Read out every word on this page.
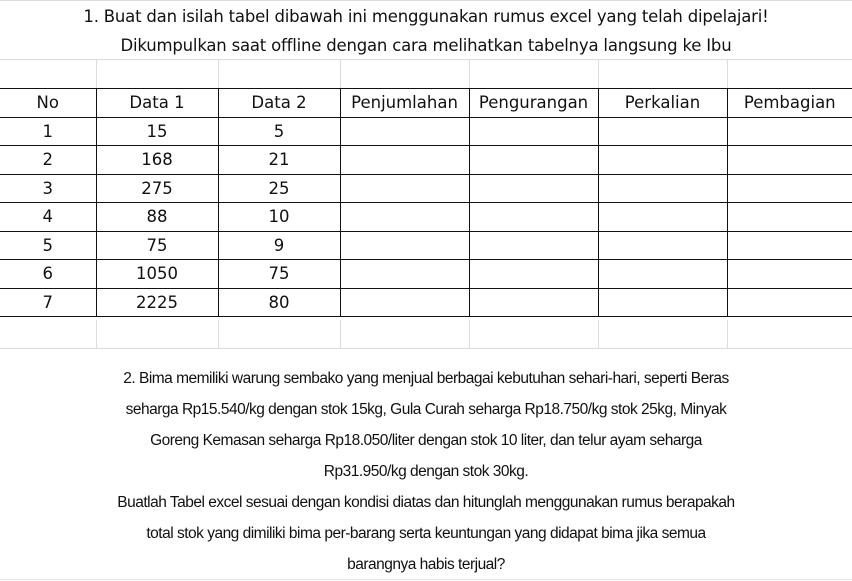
1. Buat dan isilah tabel dibawah ini menggunakan rumus excel yang telah dipelajari!
Dikumpulkan saat offline dengan cara melihatkan tabelnya langsung ke Ibu
No	Data 1	Data 2	Penjumlahan	Pengurangan	Perkalian	Pembagian
1	15	5				
2	168	21				
3	275	25				
4	88	10				
5	75	9				
6	1050	75				
7	2225	80				
2. Bima memiliki warung sembako yang menjual berbagai kebutuhan sehari-hari, seperti Beras
seharga Rp15.540/kg dengan stok 15kg, Gula Curah seharga Rp18.750/kg stok 25kg, Minyak
Goreng Kemasan seharga Rp18.050/liter dengan stok 10 liter, dan telur ayam seharga
Rp31.950/kg dengan stok 30kg.
Buatlah Tabel excel sesuai dengan kondisi diatas dan hitunglah menggunakan rumus berapakah
total stok yang dimiliki bima per-barang serta keuntungan yang didapat bima jika semua
barangnya habis terjual?
